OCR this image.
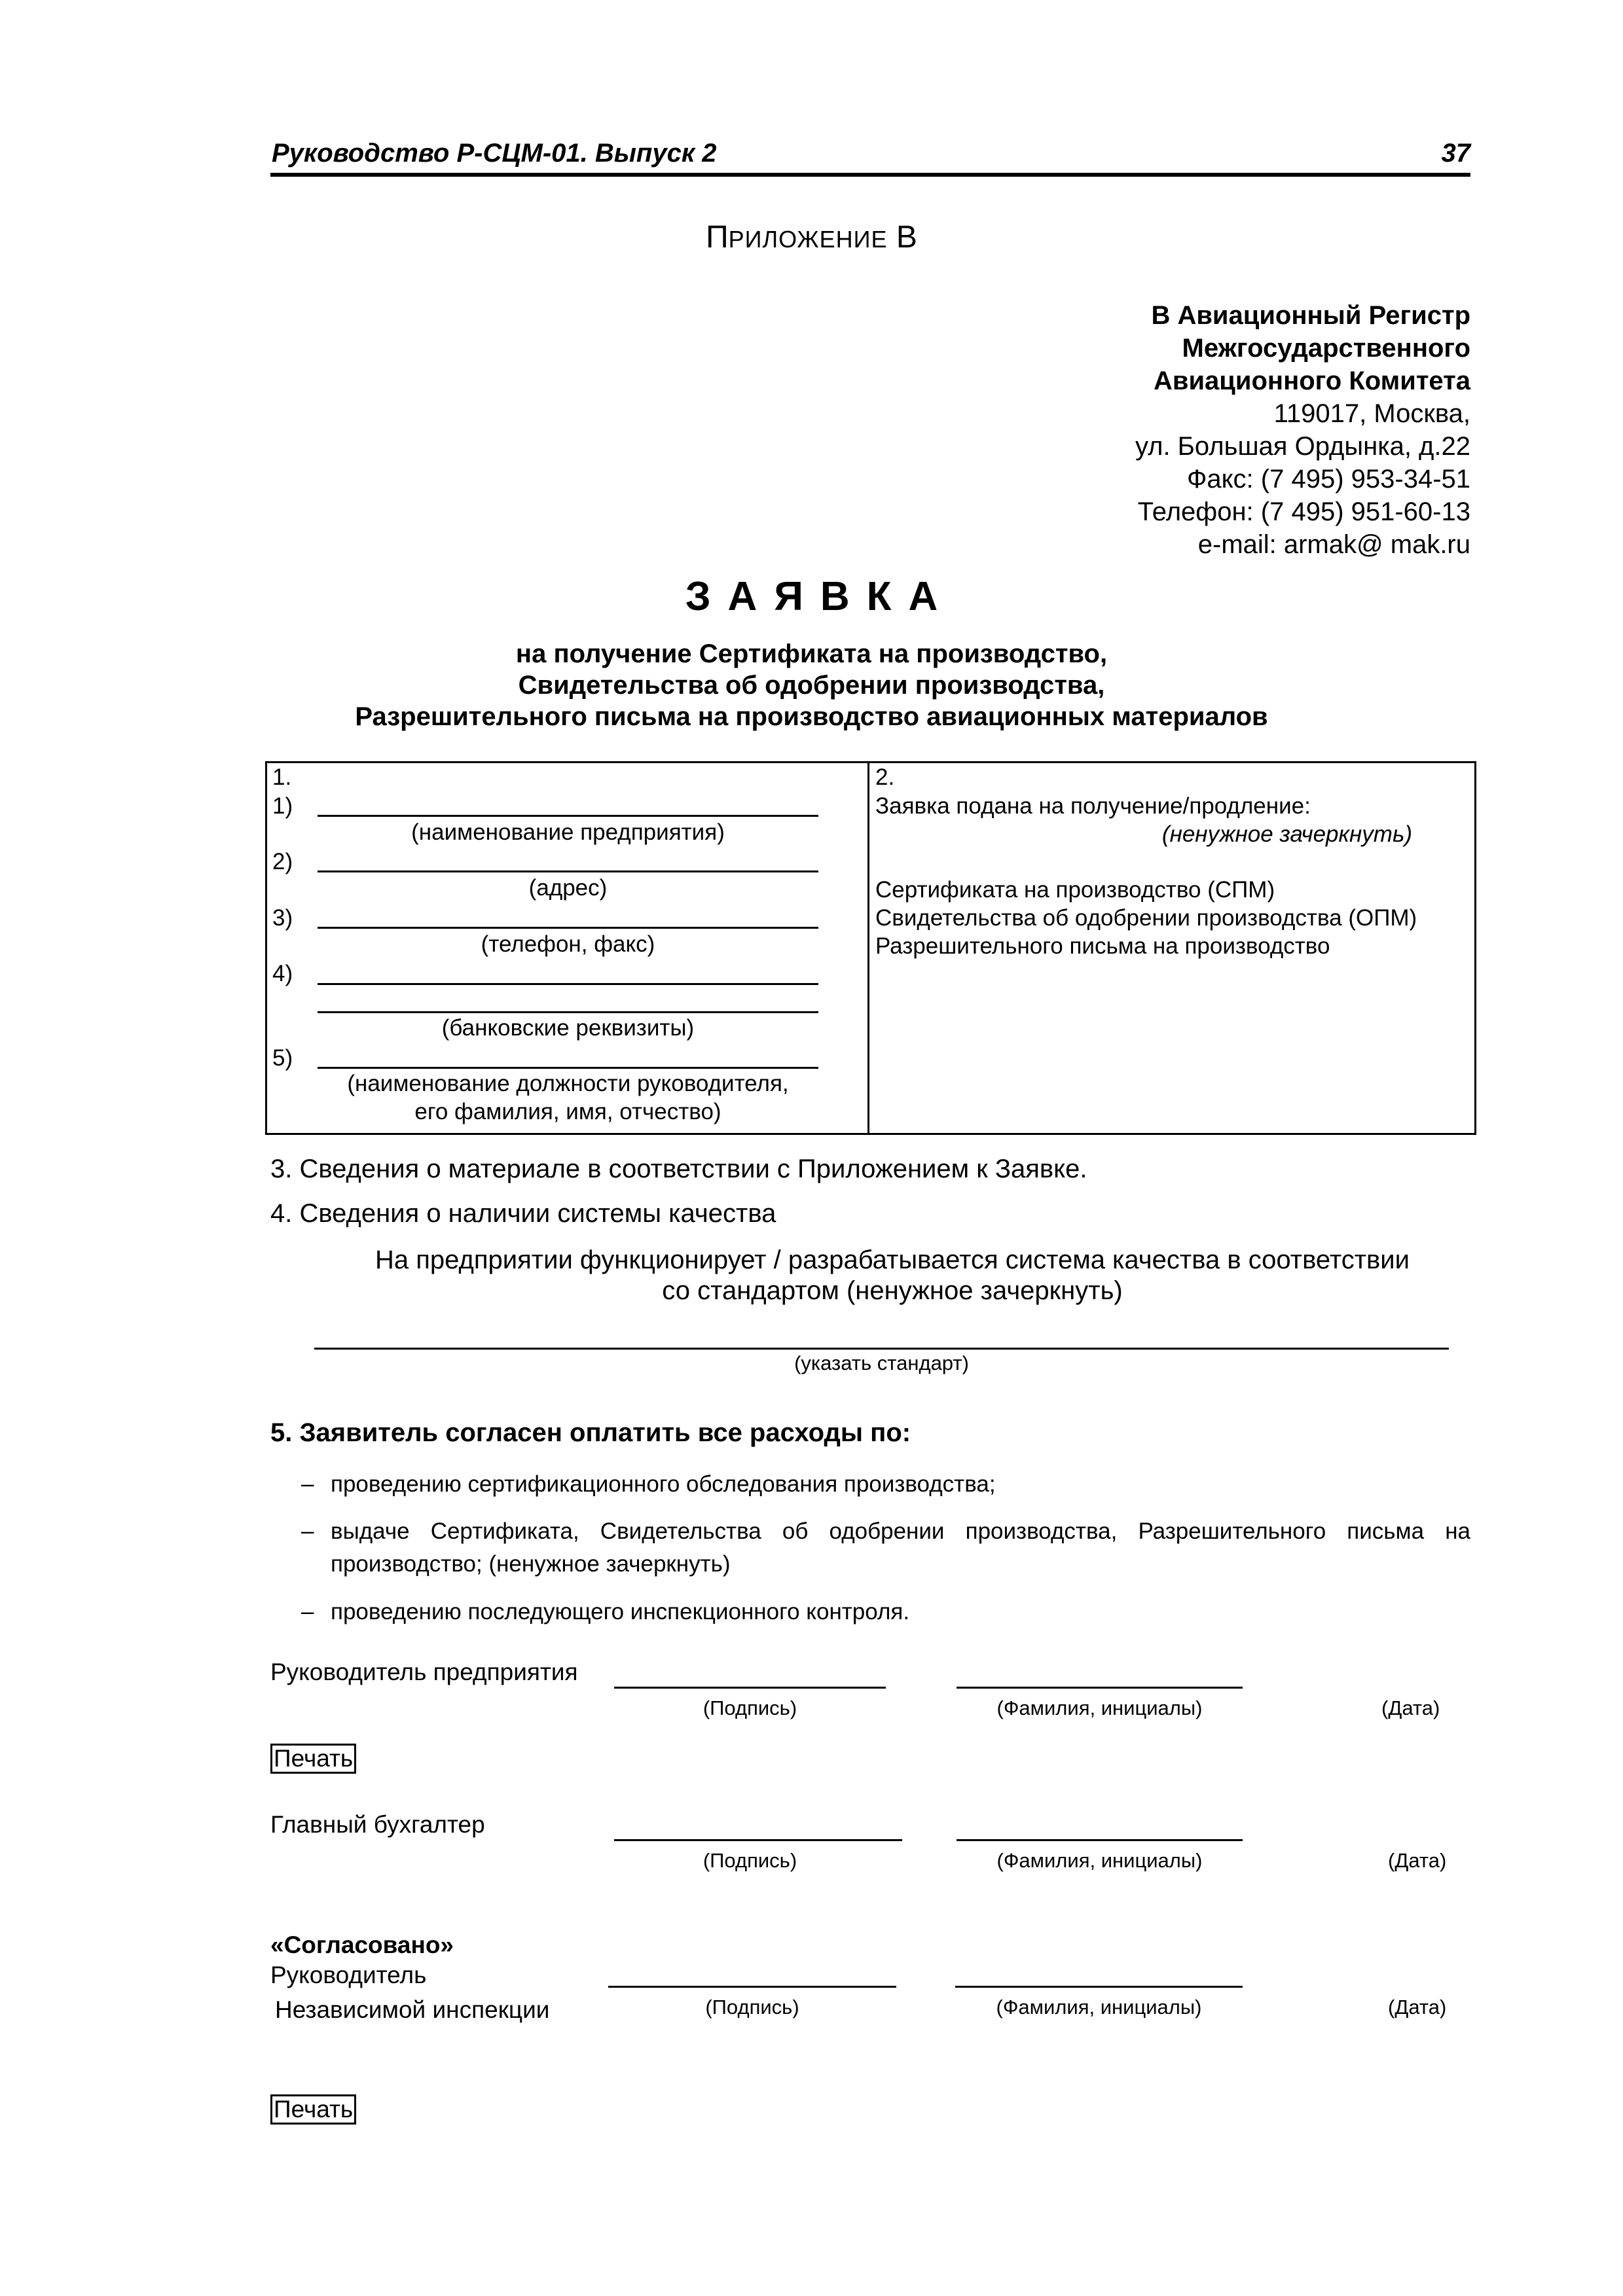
Руководство Р-СЦМ-01. Выпуск 2	37
ПРИЛОЖЕНИЕ В
В Авиационный Регистр
Межгосударственного
Авиационного Комитета
119017, Москва,
ул. Большая Ордынка, д.22
Факс: (7 495) 953-34-51
Телефон: (7 495) 951-60-13
e-mail: armak@ mak.ru
ЗАЯВКА
на получение Сертификата на производство,
Свидетельства об одобрении производства,
Разрешительного письма на производство авиационных материалов
1.
1)
(наименование предприятия)
2)
(адрес)
3)
(телефон, факс)
4)
(банковские реквизиты)
5)
(наименование должности руководителя,
его фамилия, имя, отчество)
2.
Заявка подана на получение/продление:
(ненужное зачеркнуть)
Сертификата на производство (СПМ)
Свидетельства об одобрении производства (ОПМ)
Разрешительного письма на производство
3. Сведения о материале в соответствии с Приложением к Заявке.
4. Сведения о наличии системы качества
На предприятии функционирует / разрабатывается система качества в соответствии
со стандартом (ненужное зачеркнуть)
(указать стандарт)
5. Заявитель согласен оплатить все расходы по:
– проведению сертификационного обследования производства;
– выдаче Сертификата, Свидетельства об одобрении производства, Разрешительного письма на производство; (ненужное зачеркнуть)
– проведению последующего инспекционного контроля.
Руководитель предприятия
(Подпись)	(Фамилия, инициалы)	(Дата)
Печать
Главный бухгалтер
(Подпись)	(Фамилия, инициалы)	(Дата)
«Согласовано»
Руководитель
Независимой инспекции	(Подпись)	(Фамилия, инициалы)	(Дата)
Печать
